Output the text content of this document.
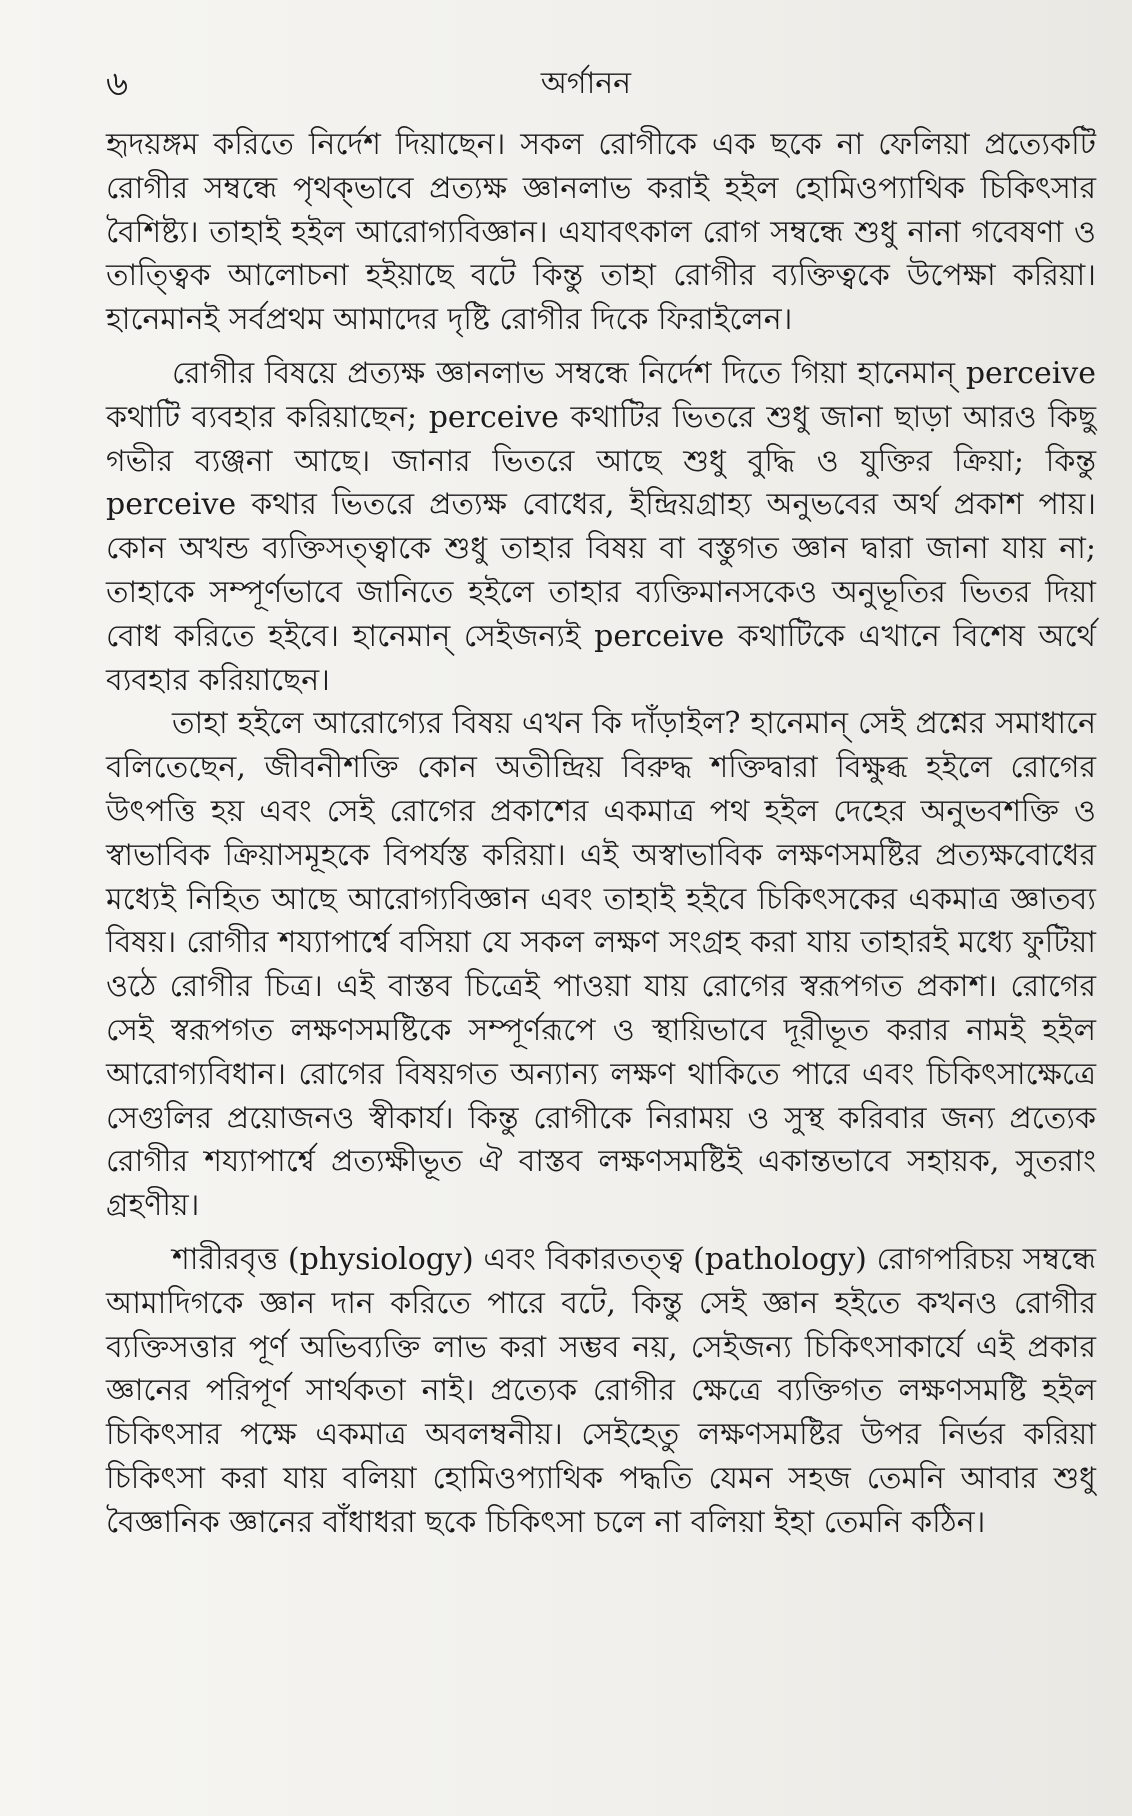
৬	অর্গানন

হৃদয়ঙ্গম করিতে নির্দেশ দিয়াছেন। সকল রোগীকে এক ছকে না ফেলিয়া প্রত্যেকটি রোগীর সম্বন্ধে পৃথক্‌ভাবে প্রত্যক্ষ জ্ঞানলাভ করাই হইল হোমিওপ্যাথিক চিকিৎসার বৈশিষ্ট্য। তাহাই হইল আরোগ্যবিজ্ঞান। এযাবৎকাল রোগ সম্বন্ধে শুধু নানা গবেষণা ও তাত্ত্বিক আলোচনা হইয়াছে বটে কিন্তু তাহা রোগীর ব্যক্তিত্বকে উপেক্ষা করিয়া। হানেমানই সর্বপ্রথম আমাদের দৃষ্টি রোগীর দিকে ফিরাইলেন।

রোগীর বিষয়ে প্রত্যক্ষ জ্ঞানলাভ সম্বন্ধে নির্দেশ দিতে গিয়া হানেমান্ perceive কথাটি ব্যবহার করিয়াছেন; perceive কথাটির ভিতরে শুধু জানা ছাড়া আরও কিছু গভীর ব্যঞ্জনা আছে। জানার ভিতরে আছে শুধু বুদ্ধি ও যুক্তির ক্রিয়া; কিন্তু perceive কথার ভিতরে প্রত্যক্ষ বোধের, ইন্দ্রিয়গ্রাহ্য অনুভবের অর্থ প্রকাশ পায়। কোন অখন্ড ব্যক্তিসত্ত্বাকে শুধু তাহার বিষয় বা বস্তুগত জ্ঞান দ্বারা জানা যায় না; তাহাকে সম্পূর্ণভাবে জানিতে হইলে তাহার ব্যক্তিমানসকেও অনুভূতির ভিতর দিয়া বোধ করিতে হইবে। হানেমান্ সেইজন্যই perceive কথাটিকে এখানে বিশেষ অর্থে ব্যবহার করিয়াছেন।

তাহা হইলে আরোগ্যের বিষয় এখন কি দাঁড়াইল? হানেমান্ সেই প্রশ্নের সমাধানে বলিতেছেন, জীবনীশক্তি কোন অতীন্দ্রিয় বিরুদ্ধ শক্তিদ্বারা বিক্ষুব্ধ হইলে রোগের উৎপত্তি হয় এবং সেই রোগের প্রকাশের একমাত্র পথ হইল দেহের অনুভবশক্তি ও স্বাভাবিক ক্রিয়াসমূহকে বিপর্যস্ত করিয়া। এই অস্বাভাবিক লক্ষণসমষ্টির প্রত্যক্ষবোধের মধ্যেই নিহিত আছে আরোগ্যবিজ্ঞান এবং তাহাই হইবে চিকিৎসকের একমাত্র জ্ঞাতব্য বিষয়। রোগীর শয্যাপার্শ্বে বসিয়া যে সকল লক্ষণ সংগ্রহ করা যায় তাহারই মধ্যে ফুটিয়া ওঠে রোগীর চিত্র। এই বাস্তব চিত্রেই পাওয়া যায় রোগের স্বরূপগত প্রকাশ। রোগের সেই স্বরূপগত লক্ষণসমষ্টিকে সম্পূর্ণরূপে ও স্থায়িভাবে দূরীভূত করার নামই হইল আরোগ্যবিধান। রোগের বিষয়গত অন্যান্য লক্ষণ থাকিতে পারে এবং চিকিৎসাক্ষেত্রে সেগুলির প্রয়োজনও স্বীকার্য। কিন্তু রোগীকে নিরাময় ও সুস্থ করিবার জন্য প্রত্যেক রোগীর শয্যাপার্শ্বে প্রত্যক্ষীভূত ঐ বাস্তব লক্ষণসমষ্টিই একান্তভাবে সহায়ক, সুতরাং গ্রহণীয়।

শারীরবৃত্ত (physiology) এবং বিকারতত্ত্ব (pathology) রোগপরিচয় সম্বন্ধে আমাদিগকে জ্ঞান দান করিতে পারে বটে, কিন্তু সেই জ্ঞান হইতে কখনও রোগীর ব্যক্তিসত্তার পূর্ণ অভিব্যক্তি লাভ করা সম্ভব নয়, সেইজন্য চিকিৎসাকার্যে এই প্রকার জ্ঞানের পরিপূর্ণ সার্থকতা নাই। প্রত্যেক রোগীর ক্ষেত্রে ব্যক্তিগত লক্ষণসমষ্টি হইল চিকিৎসার পক্ষে একমাত্র অবলম্বনীয়। সেইহেতু লক্ষণসমষ্টির উপর নির্ভর করিয়া চিকিৎসা করা যায় বলিয়া হোমিওপ্যাথিক পদ্ধতি যেমন সহজ তেমনি আবার শুধু বৈজ্ঞানিক জ্ঞানের বাঁধাধরা ছকে চিকিৎসা চলে না বলিয়া ইহা তেমনি কঠিন।
